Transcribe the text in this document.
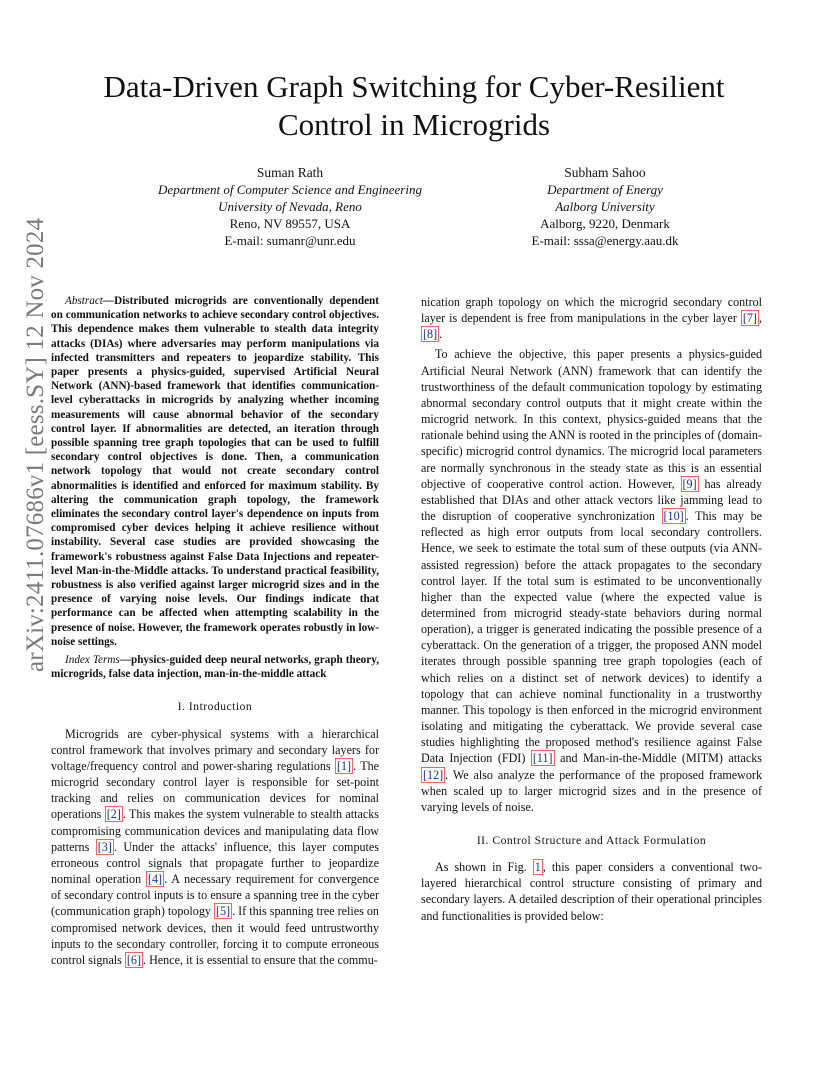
arXiv:2411.07686v1 [eess.SY] 12 Nov 2024
Data-Driven Graph Switching for Cyber-Resilient
Control in Microgrids
Suman Rath
Department of Computer Science and Engineering
University of Nevada, Reno
Reno, NV 89557, USA
E-mail: sumanr@unr.edu
Subham Sahoo
Department of Energy
Aalborg University
Aalborg, 9220, Denmark
E-mail: sssa@energy.aau.dk

Abstract—Distributed microgrids are conventionally dependent on communication networks to achieve secondary control objectives. This dependence makes them vulnerable to stealth data integrity attacks (DIAs) where adversaries may perform manipulations via infected transmitters and repeaters to jeopardize stability. This paper presents a physics-guided, supervised Artificial Neural Network (ANN)-based framework that identifies communication-level cyberattacks in microgrids by analyzing whether incoming measurements will cause abnormal behavior of the secondary control layer. If abnormalities are detected, an iteration through possible spanning tree graph topologies that can be used to fulfill secondary control objectives is done. Then, a communication network topology that would not create secondary control abnormalities is identified and enforced for maximum stability. By altering the communication graph topology, the framework eliminates the secondary control layer's dependence on inputs from compromised cyber devices helping it achieve resilience without instability. Several case studies are provided showcasing the framework's robustness against False Data Injections and repeater-level Man-in-the-Middle attacks. To understand practical feasibility, robustness is also verified against larger microgrid sizes and in the presence of varying noise levels. Our findings indicate that performance can be affected when attempting scalability in the presence of noise. However, the framework operates robustly in low-noise settings.

Index Terms—physics-guided deep neural networks, graph theory, microgrids, false data injection, man-in-the-middle attack

I. Introduction

Microgrids are cyber-physical systems with a hierarchical control framework that involves primary and secondary layers for voltage/frequency control and power-sharing regulations [1] . The microgrid secondary control layer is responsible for set-point tracking and relies on communication devices for nominal operations [2] . This makes the system vulnerable to stealth attacks compromising communication devices and manipulating data flow patterns [3] . Under the attacks' influence, this layer computes erroneous control signals that propagate further to jeopardize nominal operation [4] . A necessary requirement for convergence of secondary control inputs is to ensure a spanning tree in the cyber (communication graph) topology [5] . If this spanning tree relies on compromised network devices, then it would feed untrustworthy inputs to the secondary controller, forcing it to compute erroneous control signals [6] . Hence, it is essential to ensure that the commu-

nication graph topology on which the microgrid secondary control layer is dependent is free from manipulations in the cyber layer [7] , [8] .

To achieve the objective, this paper presents a physics-guided Artificial Neural Network (ANN) framework that can identify the trustworthiness of the default communication topology by estimating abnormal secondary control outputs that it might create within the microgrid network. In this context, physics-guided means that the rationale behind using the ANN is rooted in the principles of (domain-specific) microgrid control dynamics. The microgrid local parameters are normally synchronous in the steady state as this is an essential objective of cooperative control action. However, [9] has already established that DIAs and other attack vectors like jamming lead to the disruption of cooperative synchronization [10] . This may be reflected as high error outputs from local secondary controllers. Hence, we seek to estimate the total sum of these outputs (via ANN-assisted regression) before the attack propagates to the secondary control layer. If the total sum is estimated to be unconventionally higher than the expected value (where the expected value is determined from microgrid steady-state behaviors during normal operation), a trigger is generated indicating the possible presence of a cyberattack. On the generation of a trigger, the proposed ANN model iterates through possible spanning tree graph topologies (each of which relies on a distinct set of network devices) to identify a topology that can achieve nominal functionality in a trustworthy manner. This topology is then enforced in the microgrid environment isolating and mitigating the cyberattack. We provide several case studies highlighting the proposed method's resilience against False Data Injection (FDI) [11] and Man-in-the-Middle (MITM) attacks [12] . We also analyze the performance of the proposed framework when scaled up to larger microgrid sizes and in the presence of varying levels of noise.

II. Control Structure and Attack Formulation

As shown in Fig. 1 , this paper considers a conventional two-layered hierarchical control structure consisting of primary and secondary layers. A detailed description of their operational principles and functionalities is provided below:
